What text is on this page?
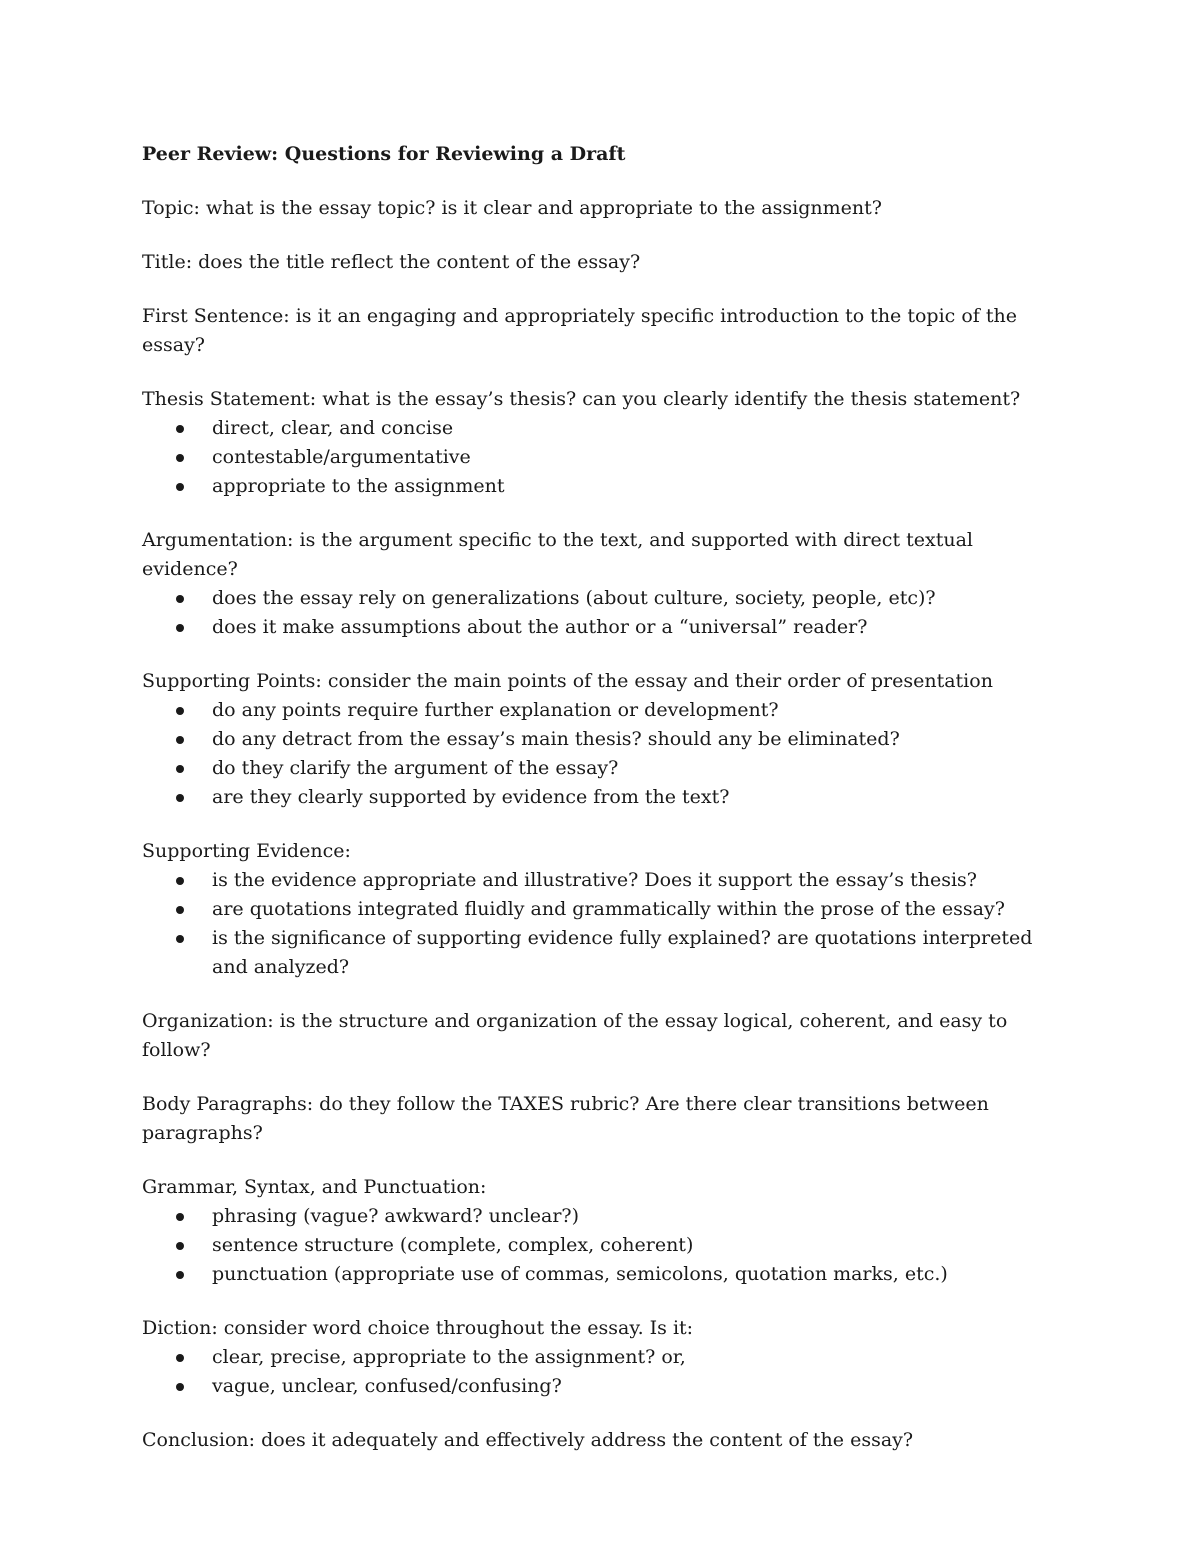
Peer Review: Questions for Reviewing a Draft

Topic: what is the essay topic? is it clear and appropriate to the assignment?

Title: does the title reflect the content of the essay?

First Sentence: is it an engaging and appropriately specific introduction to the topic of the essay?

Thesis Statement: what is the essay’s thesis? can you clearly identify the thesis statement?

direct, clear, and concise
contestable/argumentative
appropriate to the assignment

Argumentation: is the argument specific to the text, and supported with direct textual evidence?

does the essay rely on generalizations (about culture, society, people, etc)?
does it make assumptions about the author or a “universal” reader?

Supporting Points: consider the main points of the essay and their order of presentation

do any points require further explanation or development?
do any detract from the essay’s main thesis? should any be eliminated?
do they clarify the argument of the essay?
are they clearly supported by evidence from the text?

Supporting Evidence:

is the evidence appropriate and illustrative? Does it support the essay’s thesis?
are quotations integrated fluidly and grammatically within the prose of the essay?
is the significance of supporting evidence fully explained? are quotations interpreted and analyzed?

Organization: is the structure and organization of the essay logical, coherent, and easy to follow?

Body Paragraphs: do they follow the TAXES rubric? Are there clear transitions between paragraphs?

Grammar, Syntax, and Punctuation:

phrasing (vague? awkward? unclear?)
sentence structure (complete, complex, coherent)
punctuation (appropriate use of commas, semicolons, quotation marks, etc.)

Diction: consider word choice throughout the essay. Is it:

clear, precise, appropriate to the assignment? or,
vague, unclear, confused/confusing?

Conclusion: does it adequately and effectively address the content of the essay?
